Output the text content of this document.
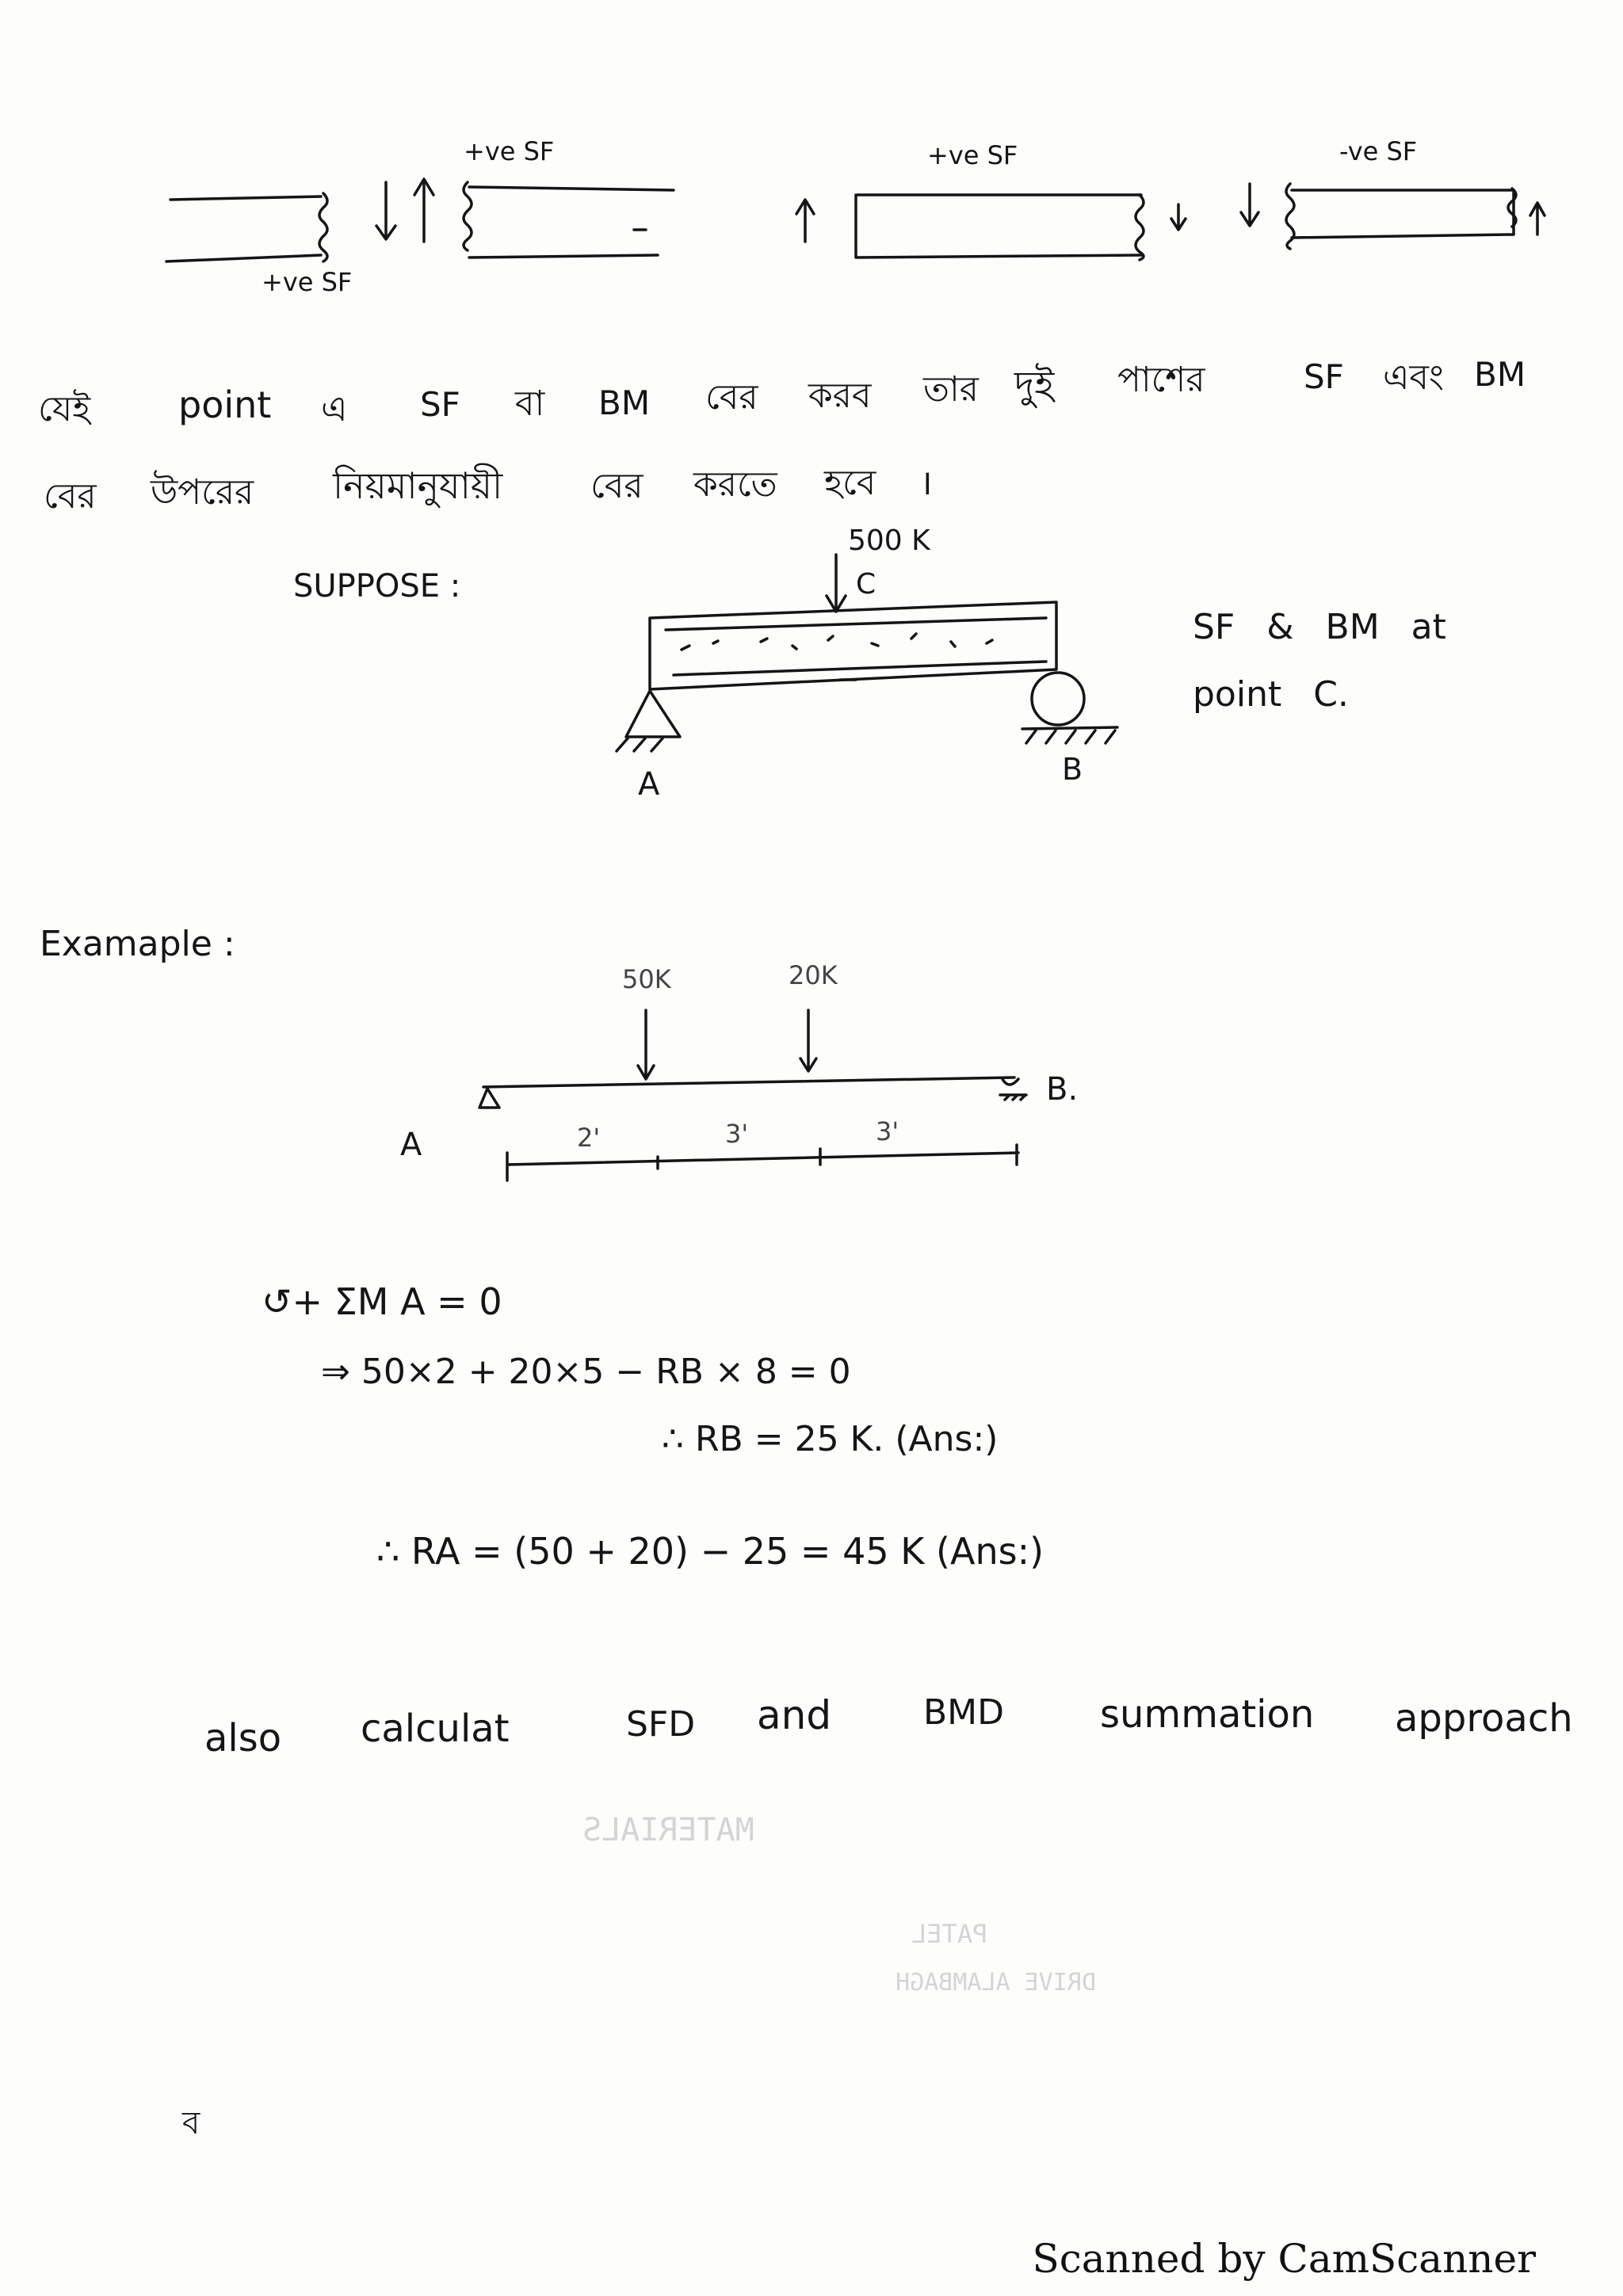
+ve SF
+ve SF
+ve SF	-ve SF
যেই point এ SF বা BM বের করব তার দুই পাশের	SF এবং BM
বের উপরের নিয়মানুযায়ী	বের করতে হবে ।
SUPPOSE :
500 K
C
A	B
SF & BM at
point C.
Examaple :
50K	20K
A
B.
2'	3'	3'
↺+ ΣM A = 0
⇒ 50×2 + 20×5 − RB × 8 = 0
∴ RB = 25 K. (Ans:)
∴ RA = (50 + 20) − 25 = 45 K (Ans:)
also calculat	SFD and	BMD	summation approach
MATERIALS
PATEL
DRIVE ALAMBAGH
ব
Scanned by CamScanner
